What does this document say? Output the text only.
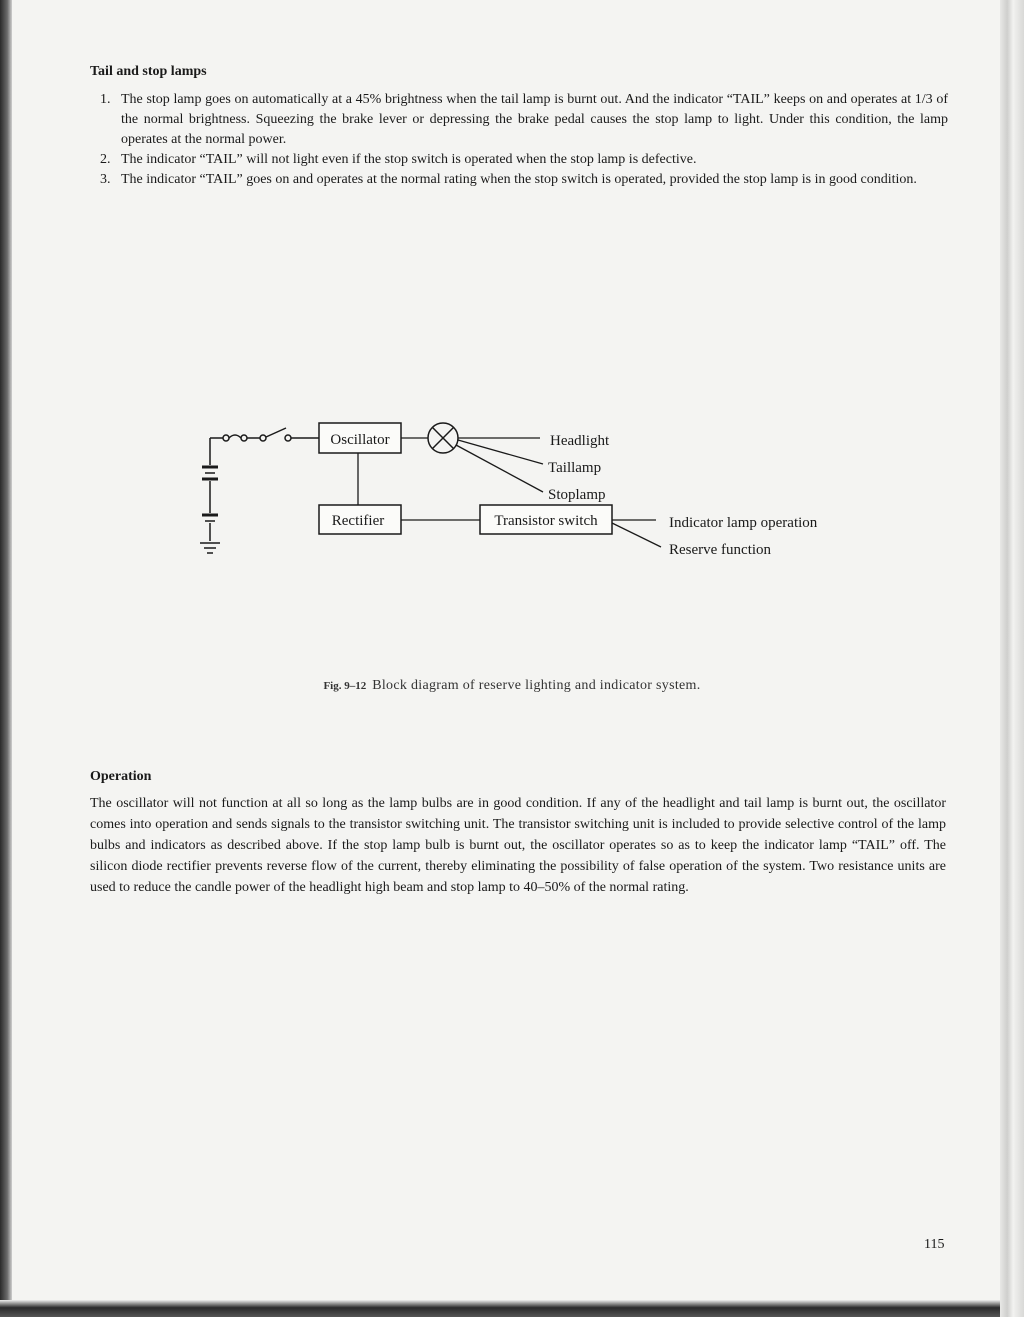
Tail and stop lamps
1. The stop lamp goes on automatically at a 45% brightness when the tail lamp is burnt out. And the indicator “TAIL” keeps on and operates at 1/3 of the normal brightness. Squeezing the brake lever or depressing the brake pedal causes the stop lamp to light. Under this condition, the lamp operates at the normal power.
2. The indicator “TAIL” will not light even if the stop switch is operated when the stop lamp is defective.
3. The indicator “TAIL” goes on and operates at the normal rating when the stop switch is operated, provided the stop lamp is in good condition.
Oscillator
Rectifier	Transistor switch
Headlight
Taillamp
Stoplamp
Indicator lamp operation
Reserve function
Fig. 9–12 Block diagram of reserve lighting and indicator system.
Operation
The oscillator will not function at all so long as the lamp bulbs are in good condition. If any of the headlight and tail lamp is burnt out, the oscillator comes into operation and sends signals to the transistor switching unit. The transistor switching unit is included to provide selective control of the lamp bulbs and indicators as described above. If the stop lamp bulb is burnt out, the oscillator operates so as to keep the indicator lamp “TAIL” off. The silicon diode rectifier prevents reverse flow of the current, thereby eliminating the possibility of false operation of the system. Two resistance units are used to reduce the candle power of the headlight high beam and stop lamp to 40–50% of the normal rating.
115
